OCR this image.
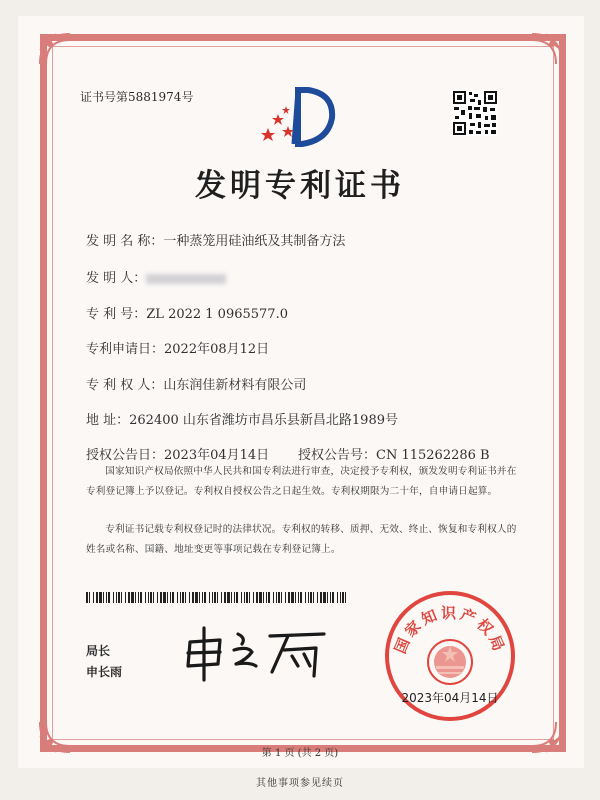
证书号第5881974号
发明专利证书
发 明 名 称：一种蒸笼用硅油纸及其制备方法
发 明 人：
专 利 号：ZL 2022 1 0965577.0
专利申请日：2022年08月12日
专 利 权 人：山东润佳新材料有限公司
地 址：262400 山东省潍坊市昌乐县新昌北路1989号
授权公告日：2023年04月14日 授权公告号：CN 115262286 B
国家知识产权局依照中华人民共和国专利法进行审查，决定授予专利权，颁发发明专利证书并在专利登记簿上予以登记。专利权自授权公告之日起生效。专利权期限为二十年，自申请日起算。
专利证书记载专利权登记时的法律状况。专利权的转移、质押、无效、终止、恢复和专利权人的姓名或名称、国籍、地址变更等事项记载在专利登记簿上。
局长
申长雨
国家知识产权局
2023年04月14日
第 1 页 (共 2 页)
其他事项参见续页
